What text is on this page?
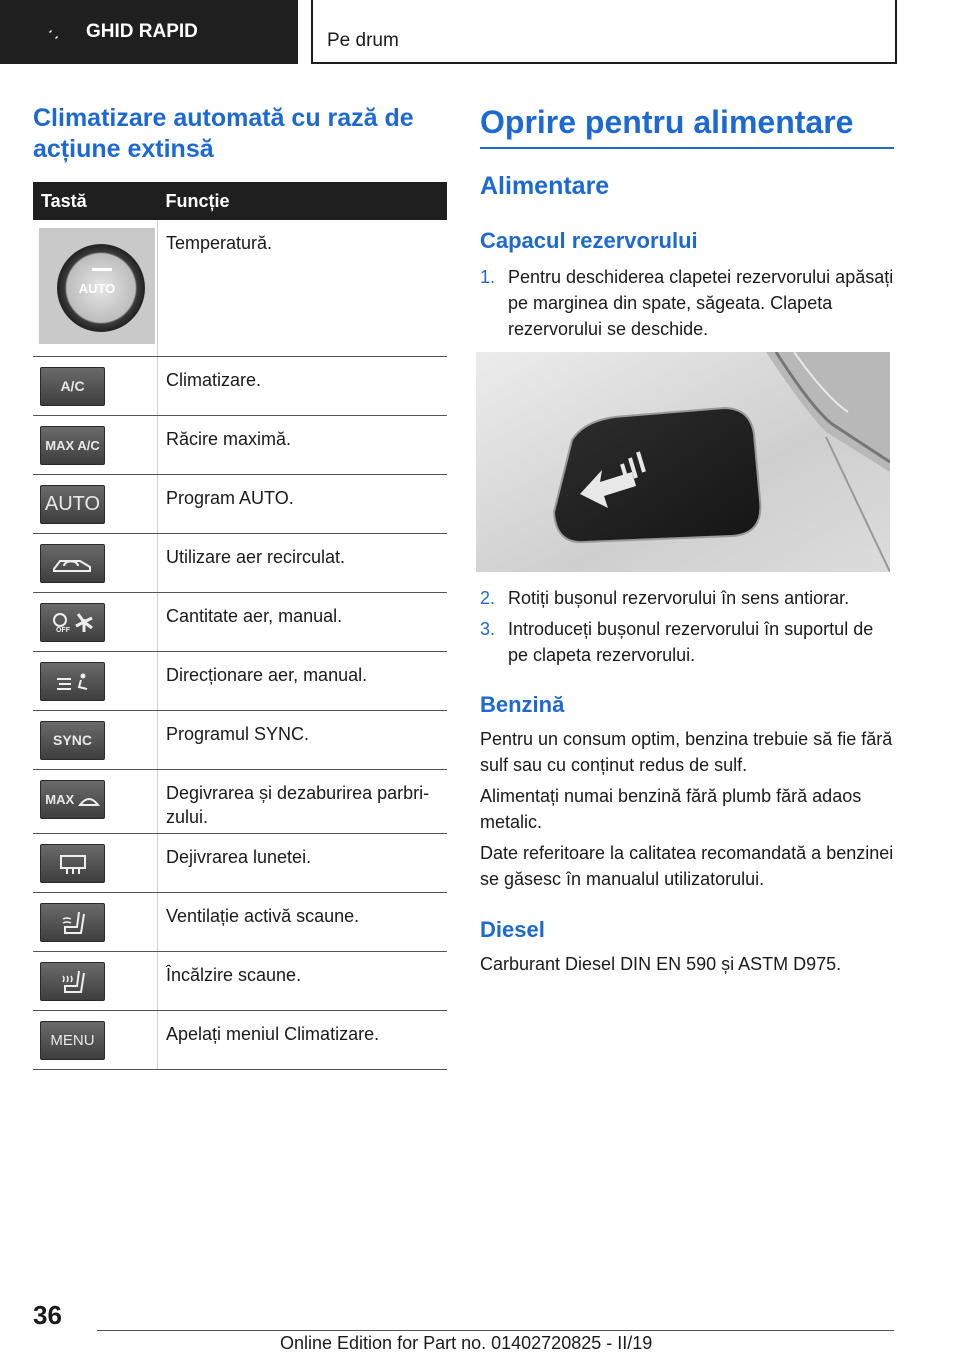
GHID RAPID	Pe drum
Climatizare automată cu rază de acțiune extinsă
Tastă	Funcție

AUTO	Temperatură.

A/C	Climatizare.

MAX A/C	Răcire maximă.

AUTO	Program AUTO.

	Utilizare aer recirculat.

OFF	Cantitate aer, manual.

	Direcționare aer, manual.

SYNC	Programul SYNC.

MAX	Degivrarea și dezaburirea parbrizului.

	Dejivrarea lunetei.

	Ventilație activă scaune.

	Încălzire scaune.

MENU	Apelați meniul Climatizare.
Oprire pentru alimentare
Alimentare
Capacul rezervorului
1. Pentru deschiderea clapetei rezervorului apăsați pe marginea din spate, săgeata. Clapeta rezervorului se deschide.
2. Rotiți bușonul rezervorului în sens antiorar.
3. Introduceți bușonul rezervorului în suportul de pe clapeta rezervorului.
Benzină
Pentru un consum optim, benzina trebuie să fie fără sulf sau cu conținut redus de sulf.
Alimentați numai benzină fără plumb fără adaos metalic.
Date referitoare la calitatea recomandată a benzinei se găsesc în manualul utilizatorului.
Diesel
Carburant Diesel DIN EN 590 și ASTM D975.
36
Online Edition for Part no. 01402720825 - II/19
